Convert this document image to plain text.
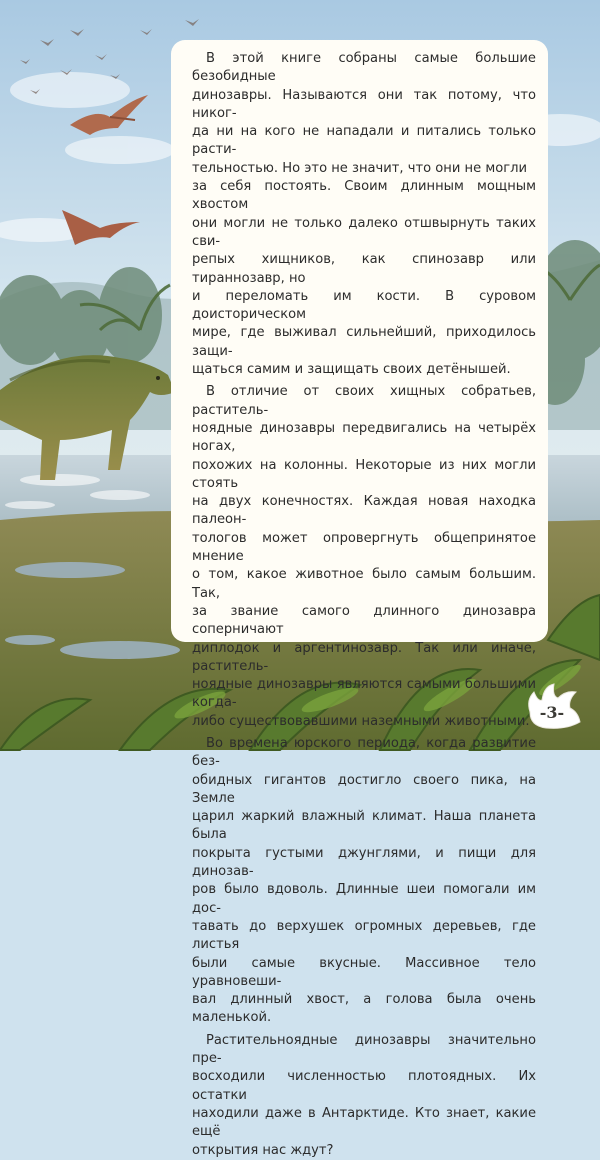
В этой книге собраны самые большие безобидные
динозавры. Называются они так потому, что никог-
да ни на кого не нападали и питались только расти-
тельностью. Но это не значит, что они не могли
за себя постоять. Своим длинным мощным хвостом
они могли не только далеко отшвырнуть таких сви-
репых хищников, как спинозавр или тираннозавр, но
и переломать им кости. В суровом доисторическом
мире, где выживал сильнейший, приходилось защи-
щаться самим и защищать своих детёнышей.

В отличие от своих хищных собратьев, раститель-
ноядные динозавры передвигались на четырёх ногах,
похожих на колонны. Некоторые из них могли стоять
на двух конечностях. Каждая новая находка палеон-
тологов может опровергнуть общепринятое мнение
о том, какое животное было самым большим. Так,
за звание самого длинного динозавра соперничают
диплодок и аргентинозавр. Так или иначе, раститель-
ноядные динозавры являются самыми большими когда-
либо существовавшими наземными животными.

Во времена юрского периода, когда развитие без-
обидных гигантов достигло своего пика, на Земле
царил жаркий влажный климат. Наша планета была
покрыта густыми джунглями, и пищи для динозав-
ров было вдоволь. Длинные шеи помогали им дос-
тавать до верхушек огромных деревьев, где листья
были самые вкусные. Массивное тело уравновеши-
вал длинный хвост, а голова была очень маленькой.

Растительноядные динозавры значительно пре-
восходили численностью плотоядных. Их остатки
находили даже в Антарктиде. Кто знает, какие ещё
открытия нас ждут?

-3-
